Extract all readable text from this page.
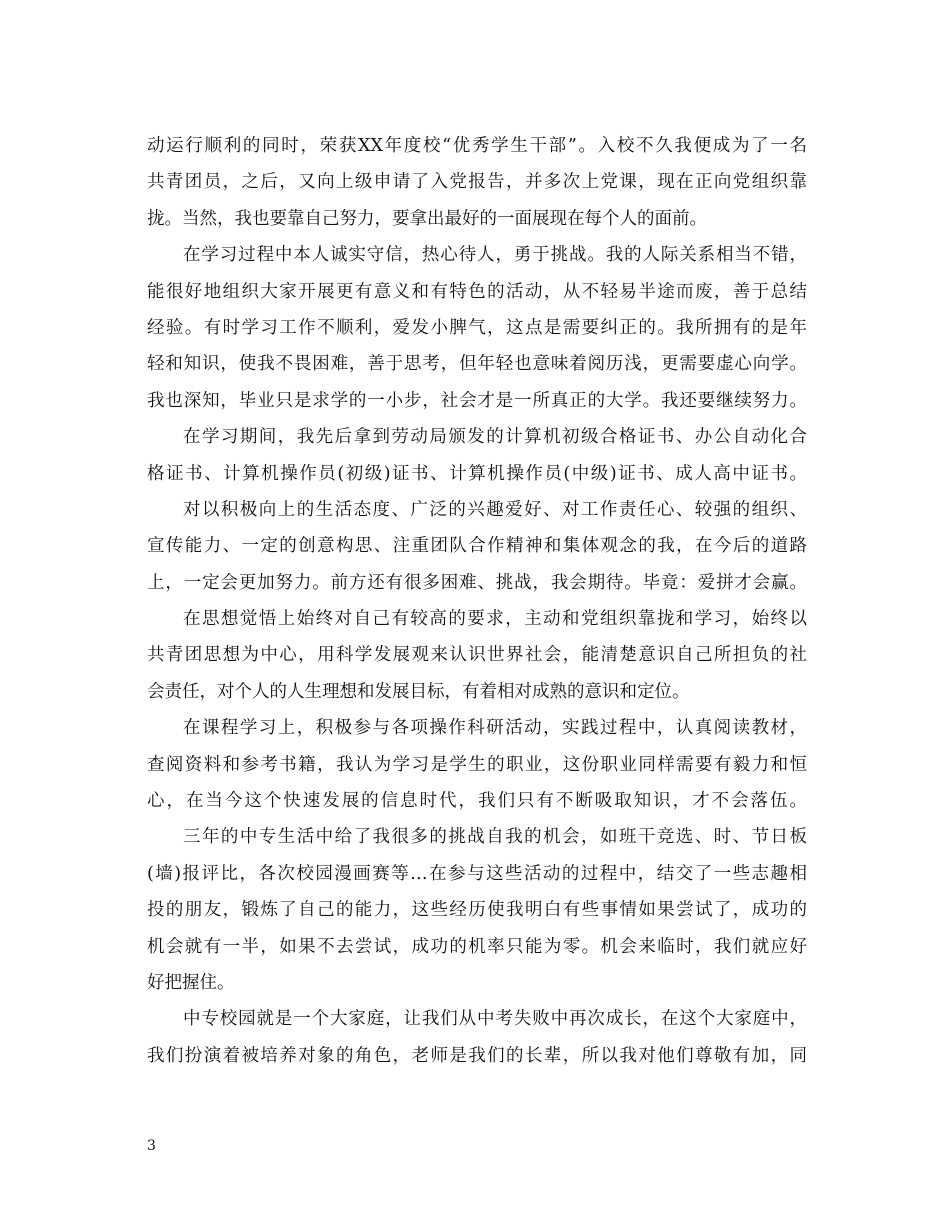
动运行顺利的同时，荣获XX年度校“优秀学生干部”。入校不久我便成为了一名
共青团员，之后，又向上级申请了入党报告，并多次上党课，现在正向党组织靠
拢。当然，我也要靠自己努力，要拿出最好的一面展现在每个人的面前。
在学习过程中本人诚实守信，热心待人，勇于挑战。我的人际关系相当不错，
能很好地组织大家开展更有意义和有特色的活动，从不轻易半途而废，善于总结
经验。有时学习工作不顺利，爱发小脾气，这点是需要纠正的。我所拥有的是年
轻和知识，使我不畏困难，善于思考，但年轻也意味着阅历浅，更需要虚心向学。
我也深知，毕业只是求学的一小步，社会才是一所真正的大学。我还要继续努力。
在学习期间，我先后拿到劳动局颁发的计算机初级合格证书、办公自动化合
格证书、计算机操作员(初级)证书、计算机操作员(中级)证书、成人高中证书。
对以积极向上的生活态度、广泛的兴趣爱好、对工作责任心、较强的组织、
宣传能力、一定的创意构思、注重团队合作精神和集体观念的我，在今后的道路
上，一定会更加努力。前方还有很多困难、挑战，我会期待。毕竟：爱拼才会赢。
在思想觉悟上始终对自己有较高的要求，主动和党组织靠拢和学习，始终以
共青团思想为中心，用科学发展观来认识世界社会，能清楚意识自己所担负的社
会责任，对个人的人生理想和发展目标，有着相对成熟的意识和定位。
在课程学习上，积极参与各项操作科研活动，实践过程中，认真阅读教材，
查阅资料和参考书籍，我认为学习是学生的职业，这份职业同样需要有毅力和恒
心，在当今这个快速发展的信息时代，我们只有不断吸取知识，才不会落伍。
三年的中专生活中给了我很多的挑战自我的机会，如班干竞选、时、节日板
(墙)报评比，各次校园漫画赛等…在参与这些活动的过程中，结交了一些志趣相
投的朋友，锻炼了自己的能力，这些经历使我明白有些事情如果尝试了，成功的
机会就有一半，如果不去尝试，成功的机率只能为零。机会来临时，我们就应好
好把握住。
中专校园就是一个大家庭，让我们从中考失败中再次成长，在这个大家庭中，
我们扮演着被培养对象的角色，老师是我们的长辈，所以我对他们尊敬有加，同
3
